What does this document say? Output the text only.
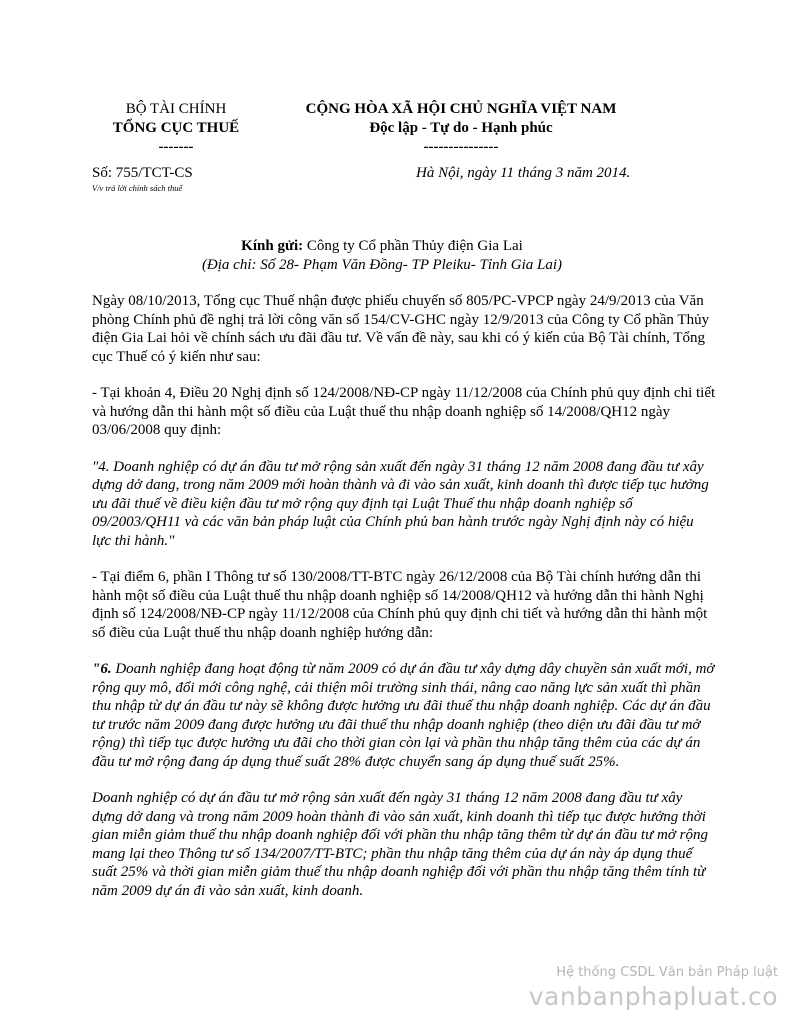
BỘ TÀI CHÍNH
TỔNG CỤC THUẾ
-------
CỘNG HÒA XÃ HỘI CHỦ NGHĨA VIỆT NAM
Độc lập - Tự do - Hạnh phúc
---------------
Số: 755/TCT-CS
V/v trả lời chính sách thuế
Hà Nội, ngày 11 tháng 3 năm 2014.
Kính gửi: Công ty Cổ phần Thủy điện Gia Lai
(Địa chỉ: Số 28- Phạm Văn Đồng- TP Pleiku- Tỉnh Gia Lai)

Ngày 08/10/2013, Tổng cục Thuế nhận được phiếu chuyển số 805/PC-VPCP ngày 24/9/2013 của Văn phòng Chính phủ đề nghị trả lời công văn số 154/CV-GHC ngày 12/9/2013 của Công ty Cổ phần Thủy điện Gia Lai hỏi về chính sách ưu đãi đầu tư. Về vấn đề này, sau khi có ý kiến của Bộ Tài chính, Tổng cục Thuế có ý kiến như sau:

- Tại khoản 4, Điều 20 Nghị định số 124/2008/NĐ-CP ngày 11/12/2008 của Chính phủ quy định chi tiết và hướng dẫn thi hành một số điều của Luật thuế thu nhập doanh nghiệp số 14/2008/QH12 ngày 03/06/2008 quy định:

"4. Doanh nghiệp có dự án đầu tư mở rộng sản xuất đến ngày 31 tháng 12 năm 2008 đang đầu tư xây dựng dở dang, trong năm 2009 mới hoàn thành và đi vào sản xuất, kinh doanh thì được tiếp tục hưởng ưu đãi thuế về điều kiện đầu tư mở rộng quy định tại Luật Thuế thu nhập doanh nghiệp số 09/2003/QH11 và các văn bản pháp luật của Chính phủ ban hành trước ngày Nghị định này có hiệu lực thi hành."

- Tại điểm 6, phần I Thông tư số 130/2008/TT-BTC ngày 26/12/2008 của Bộ Tài chính hướng dẫn thi hành một số điều của Luật thuế thu nhập doanh nghiệp số 14/2008/QH12 và hướng dẫn thi hành Nghị định số 124/2008/NĐ-CP ngày 11/12/2008 của Chính phủ quy định chi tiết và hướng dẫn thi hành một số điều của Luật thuế thu nhập doanh nghiệp hướng dẫn:

"6. Doanh nghiệp đang hoạt động từ năm 2009 có dự án đầu tư xây dựng dây chuyền sản xuất mới, mở rộng quy mô, đổi mới công nghệ, cải thiện môi trường sinh thái, nâng cao năng lực sản xuất thì phần thu nhập từ dự án đầu tư này sẽ không được hưởng ưu đãi thuế thu nhập doanh nghiệp. Các dự án đầu tư trước năm 2009 đang được hưởng ưu đãi thuế thu nhập doanh nghiệp (theo diện ưu đãi đầu tư mở rộng) thì tiếp tục được hưởng ưu đãi cho thời gian còn lại và phần thu nhập tăng thêm của các dự án đầu tư mở rộng đang áp dụng thuế suất 28% được chuyển sang áp dụng thuế suất 25%.

Doanh nghiệp có dự án đầu tư mở rộng sản xuất đến ngày 31 tháng 12 năm 2008 đang đầu tư xây dựng dở dang và trong năm 2009 hoàn thành đi vào sản xuất, kinh doanh thì tiếp tục được hưởng thời gian miễn giảm thuế thu nhập doanh nghiệp đối với phần thu nhập tăng thêm từ dự án đầu tư mở rộng mang lại theo Thông tư số 134/2007/TT-BTC; phần thu nhập tăng thêm của dự án này áp dụng thuế suất 25% và thời gian miễn giảm thuế thu nhập doanh nghiệp đối với phần thu nhập tăng thêm tính từ năm 2009 dự án đi vào sản xuất, kinh doanh.

Hệ thống CSDL Văn bản Pháp luật
vanbanphapluat.co
